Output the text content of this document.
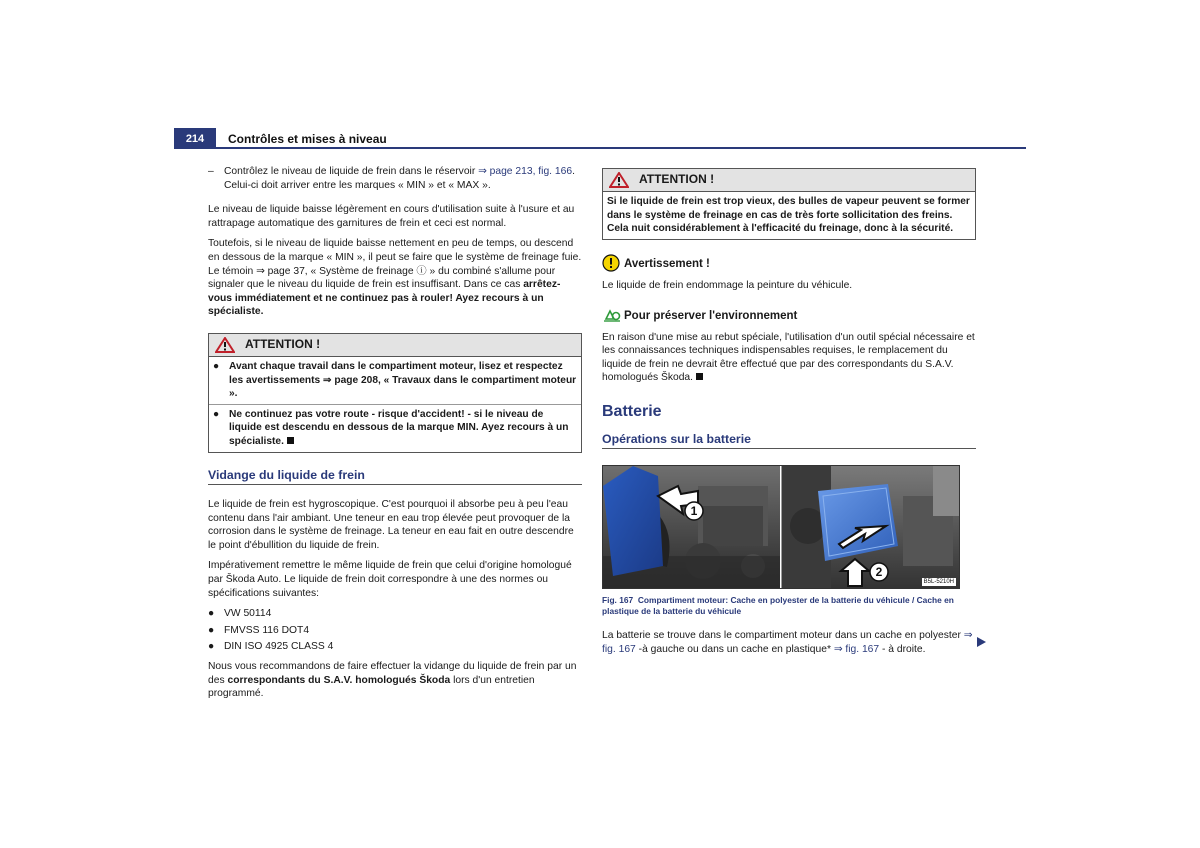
214	Contrôles et mises à niveau

– Contrôlez le niveau de liquide de frein dans le réservoir ⇒ page 213, fig. 166. Celui-ci doit arriver entre les marques « MIN » et « MAX ».

Le niveau de liquide baisse légèrement en cours d'utilisation suite à l'usure et au rattrapage automatique des garnitures de frein et ceci est normal.

Toutefois, si le niveau de liquide baisse nettement en peu de temps, ou descend en dessous de la marque « MIN », il peut se faire que le système de freinage fuie. Le témoin ⇒ page 37, « Système de freinage ⓘ » du combiné s'allume pour signaler que le niveau du liquide de frein est insuffisant. Dans ce cas arrêtez-vous immédiatement et ne continuez pas à rouler! Ayez recours à un spécialiste.

ATTENTION !
● Avant chaque travail dans le compartiment moteur, lisez et respectez les avertissements ⇒ page 208, « Travaux dans le compartiment moteur ».
● Ne continuez pas votre route - risque d'accident! - si le niveau de liquide est descendu en dessous de la marque MIN. Ayez recours à un spécialiste.
Vidange du liquide de frein

Le liquide de frein est hygroscopique. C'est pourquoi il absorbe peu à peu l'eau contenu dans l'air ambiant. Une teneur en eau trop élevée peut provoquer de la corrosion dans le système de freinage. La teneur en eau fait en outre descendre le point d'ébullition du liquide de frein.

Impérativement remettre le même liquide de frein que celui d'origine homologué par Škoda Auto. Le liquide de frein doit correspondre à une des normes ou spécifications suivantes:

● VW 50114
● FMVSS 116 DOT4
● DIN ISO 4925 CLASS 4

Nous vous recommandons de faire effectuer la vidange du liquide de frein par un des correspondants du S.A.V. homologués Škoda lors d'un entretien programmé.

ATTENTION !
Si le liquide de frein est trop vieux, des bulles de vapeur peuvent se former dans le système de freinage en cas de très forte sollicitation des freins. Cela nuit considérablement à l'efficacité du freinage, donc à la sécurité.
Avertissement !

Le liquide de frein endommage la peinture du véhicule.

Pour préserver l'environnement

En raison d'une mise au rebut spéciale, l'utilisation d'un outil spécial nécessaire et les connaissances techniques indispensables requises, le remplacement du liquide de frein ne devrait être effectué que par des correspondants du S.A.V. homologués Škoda.

Batterie
Opérations sur la batterie
1
2
B5L-5210H
Fig. 167 Compartiment moteur: Cache en polyester de la batterie du véhicule / Cache en plastique de la batterie du véhicule

La batterie se trouve dans le compartiment moteur dans un cache en polyester ⇒ fig. 167 -à gauche ou dans un cache en plastique* ⇒ fig. 167 - à droite.
